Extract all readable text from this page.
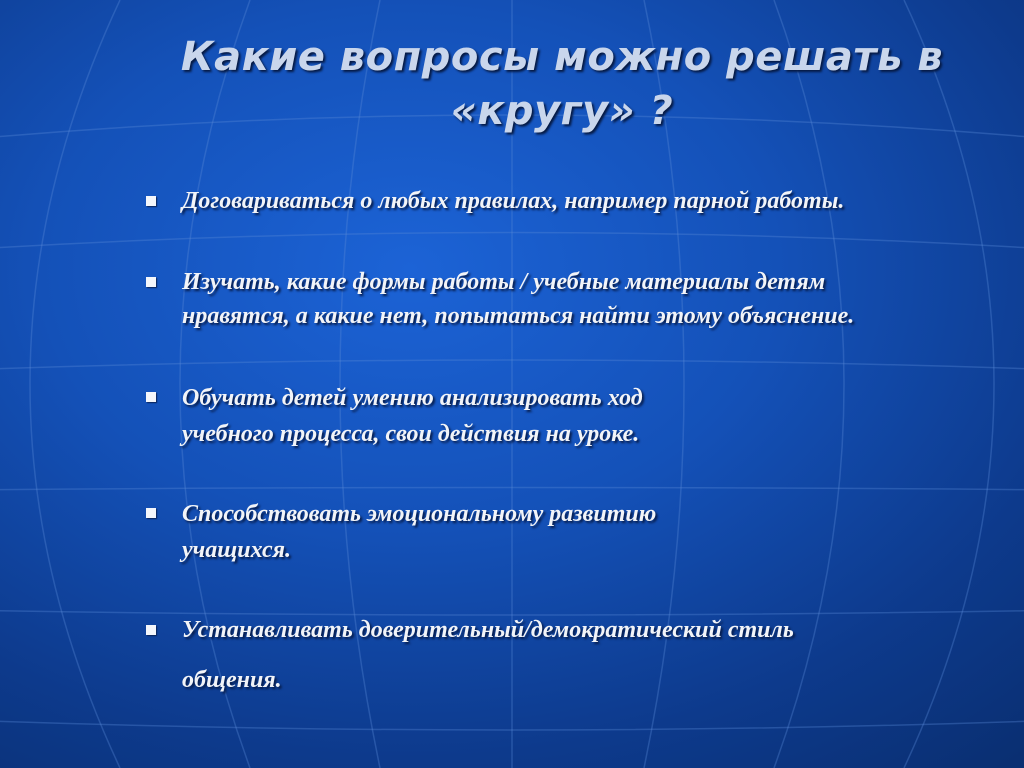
Какие вопросы можно решать в
«кругу» ?
Договариваться о любых правилах, например парной работы.
Изучать, какие формы работы / учебные материалы детям
нравятся, а какие нет, попытаться найти этому объяснение.
Обучать детей умению анализировать ход
учебного процесса, свои действия на уроке.
Способствовать эмоциональному развитию
учащихся.
Устанавливать доверительный/демократический стиль
общения.
